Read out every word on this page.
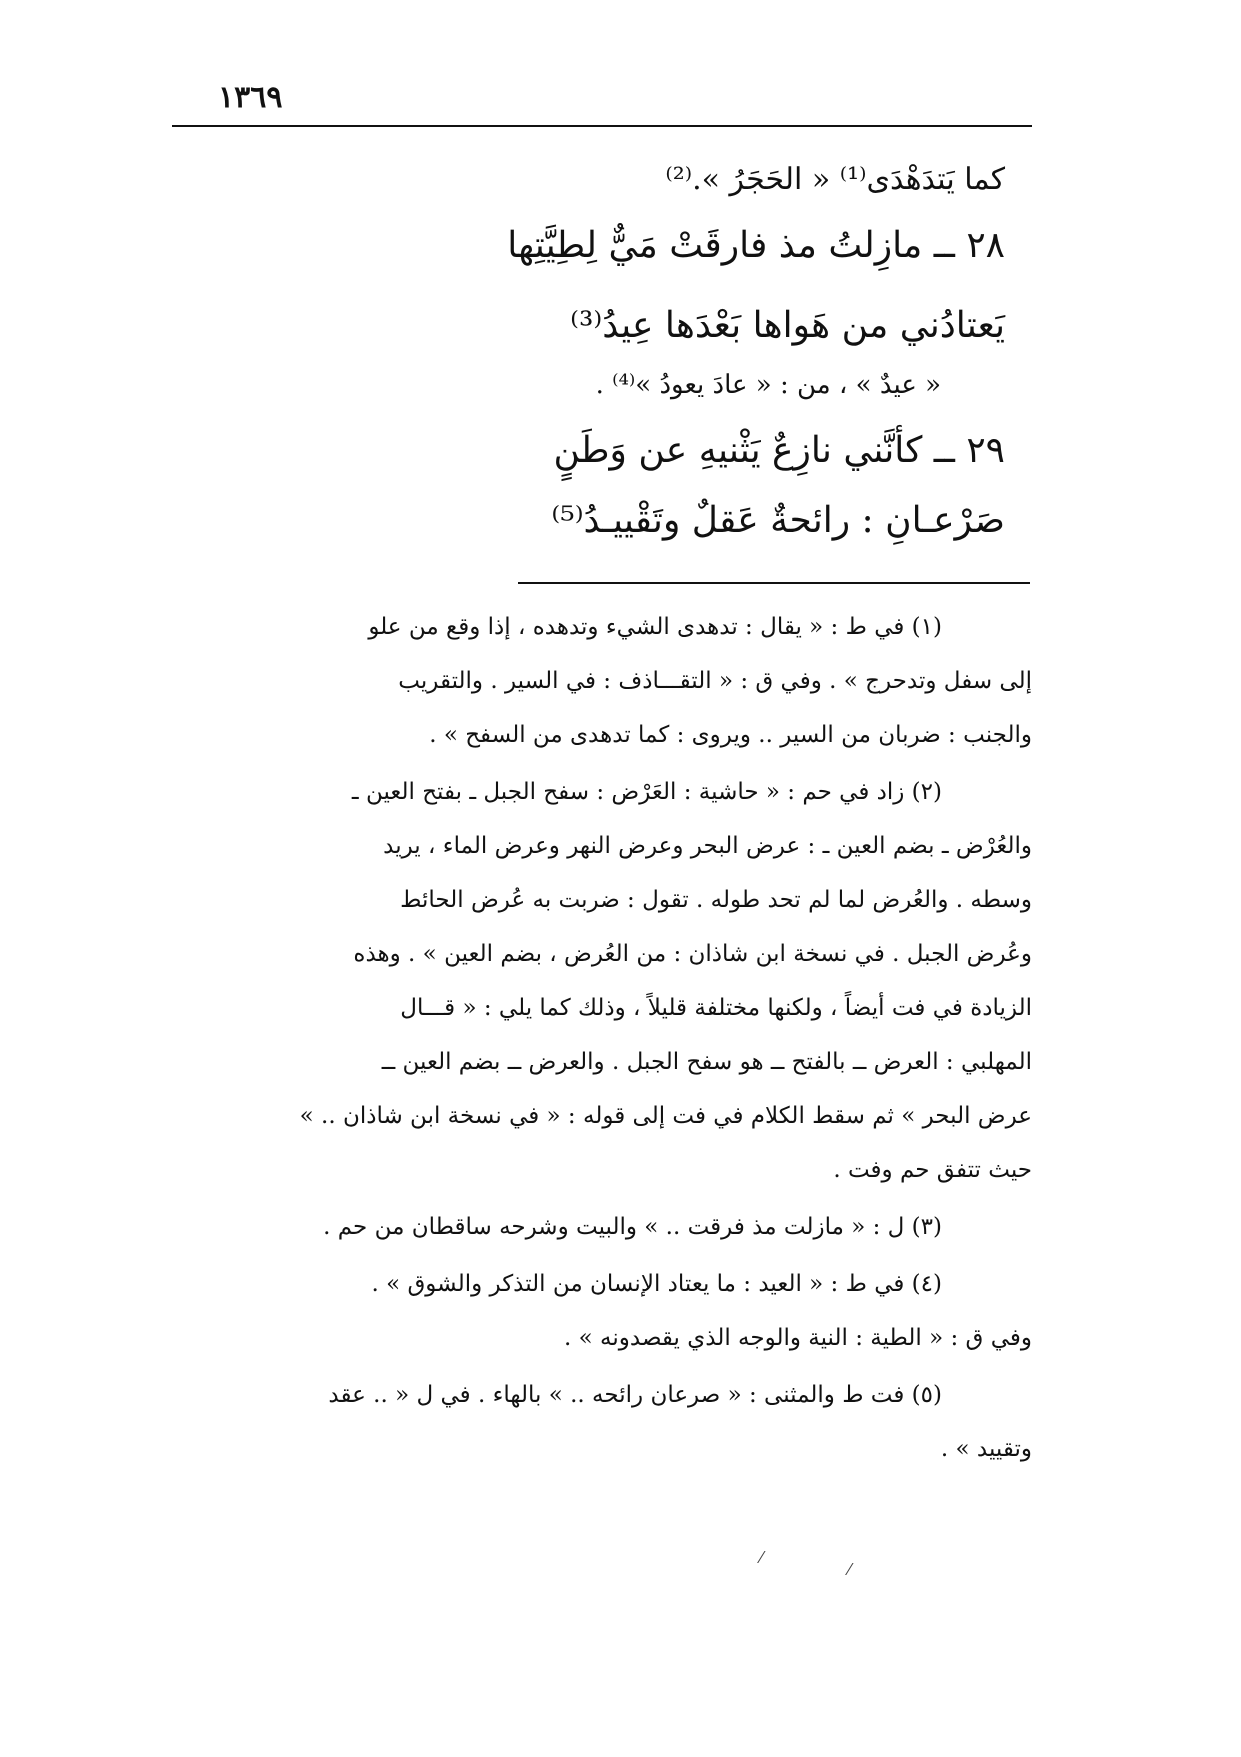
١٣٦٩
كما يَتدَهْدَى⁽¹⁾ « الحَجَرُ ».⁽²⁾
٢٨ ــ مازِلتُ مذ فارقَتْ مَيٌّ لِطِيَّتِها
يَعتادُني من هَواها بَعْدَها عِيدُ⁽³⁾
« عيدٌ » ، من : « عادَ يعودُ »⁽⁴⁾ .
٢٩ ــ كأنَّني نازِعٌ يَثْنيهِ عن وَطَنٍ
صَرْعـانِ : رائحةٌ عَقلٌ وتَقْييـدُ⁽⁵⁾
(١) في ط : « يقال : تدهدى الشيء وتدهده ، إذا وقع من علو
إلى سفل وتدحرج » . وفي ق : « التقـــاذف : في السير . والتقريب
والجنب : ضربان من السير .. ويروى : كما تدهدى من السفح » .
(٢) زاد في حم : « حاشية : العَرْض : سفح الجبل ـ بفتح العين ـ
والعُرْض ـ بضم العين ـ : عرض البحر وعرض النهر وعرض الماء ، يريد
وسطه . والعُرض لما لم تحد طوله . تقول : ضربت به عُرض الحائط
وعُرض الجبل . في نسخة ابن شاذان : من العُرض ، بضم العين » . وهذه
الزيادة في فت أيضاً ، ولكنها مختلفة قليلاً ، وذلك كما يلي : « قـــال
المهلبي : العرض ــ بالفتح ــ هو سفح الجبل . والعرض ــ بضم العين ــ
عرض البحر » ثم سقط الكلام في فت إلى قوله : « في نسخة ابن شاذان .. »
حيث تتفق حم وفت .
(٣) ل : « مازلت مذ فرقت .. » والبيت وشرحه ساقطان من حم .
(٤) في ط : « العيد : ما يعتاد الإنسان من التذكر والشوق » .
وفي ق : « الطية : النية والوجه الذي يقصدونه » .
(٥) فت ط والمثنى : « صرعان رائحه .. » بالهاء . في ل « .. عقد
وتقييد » .
⁄
⁄
